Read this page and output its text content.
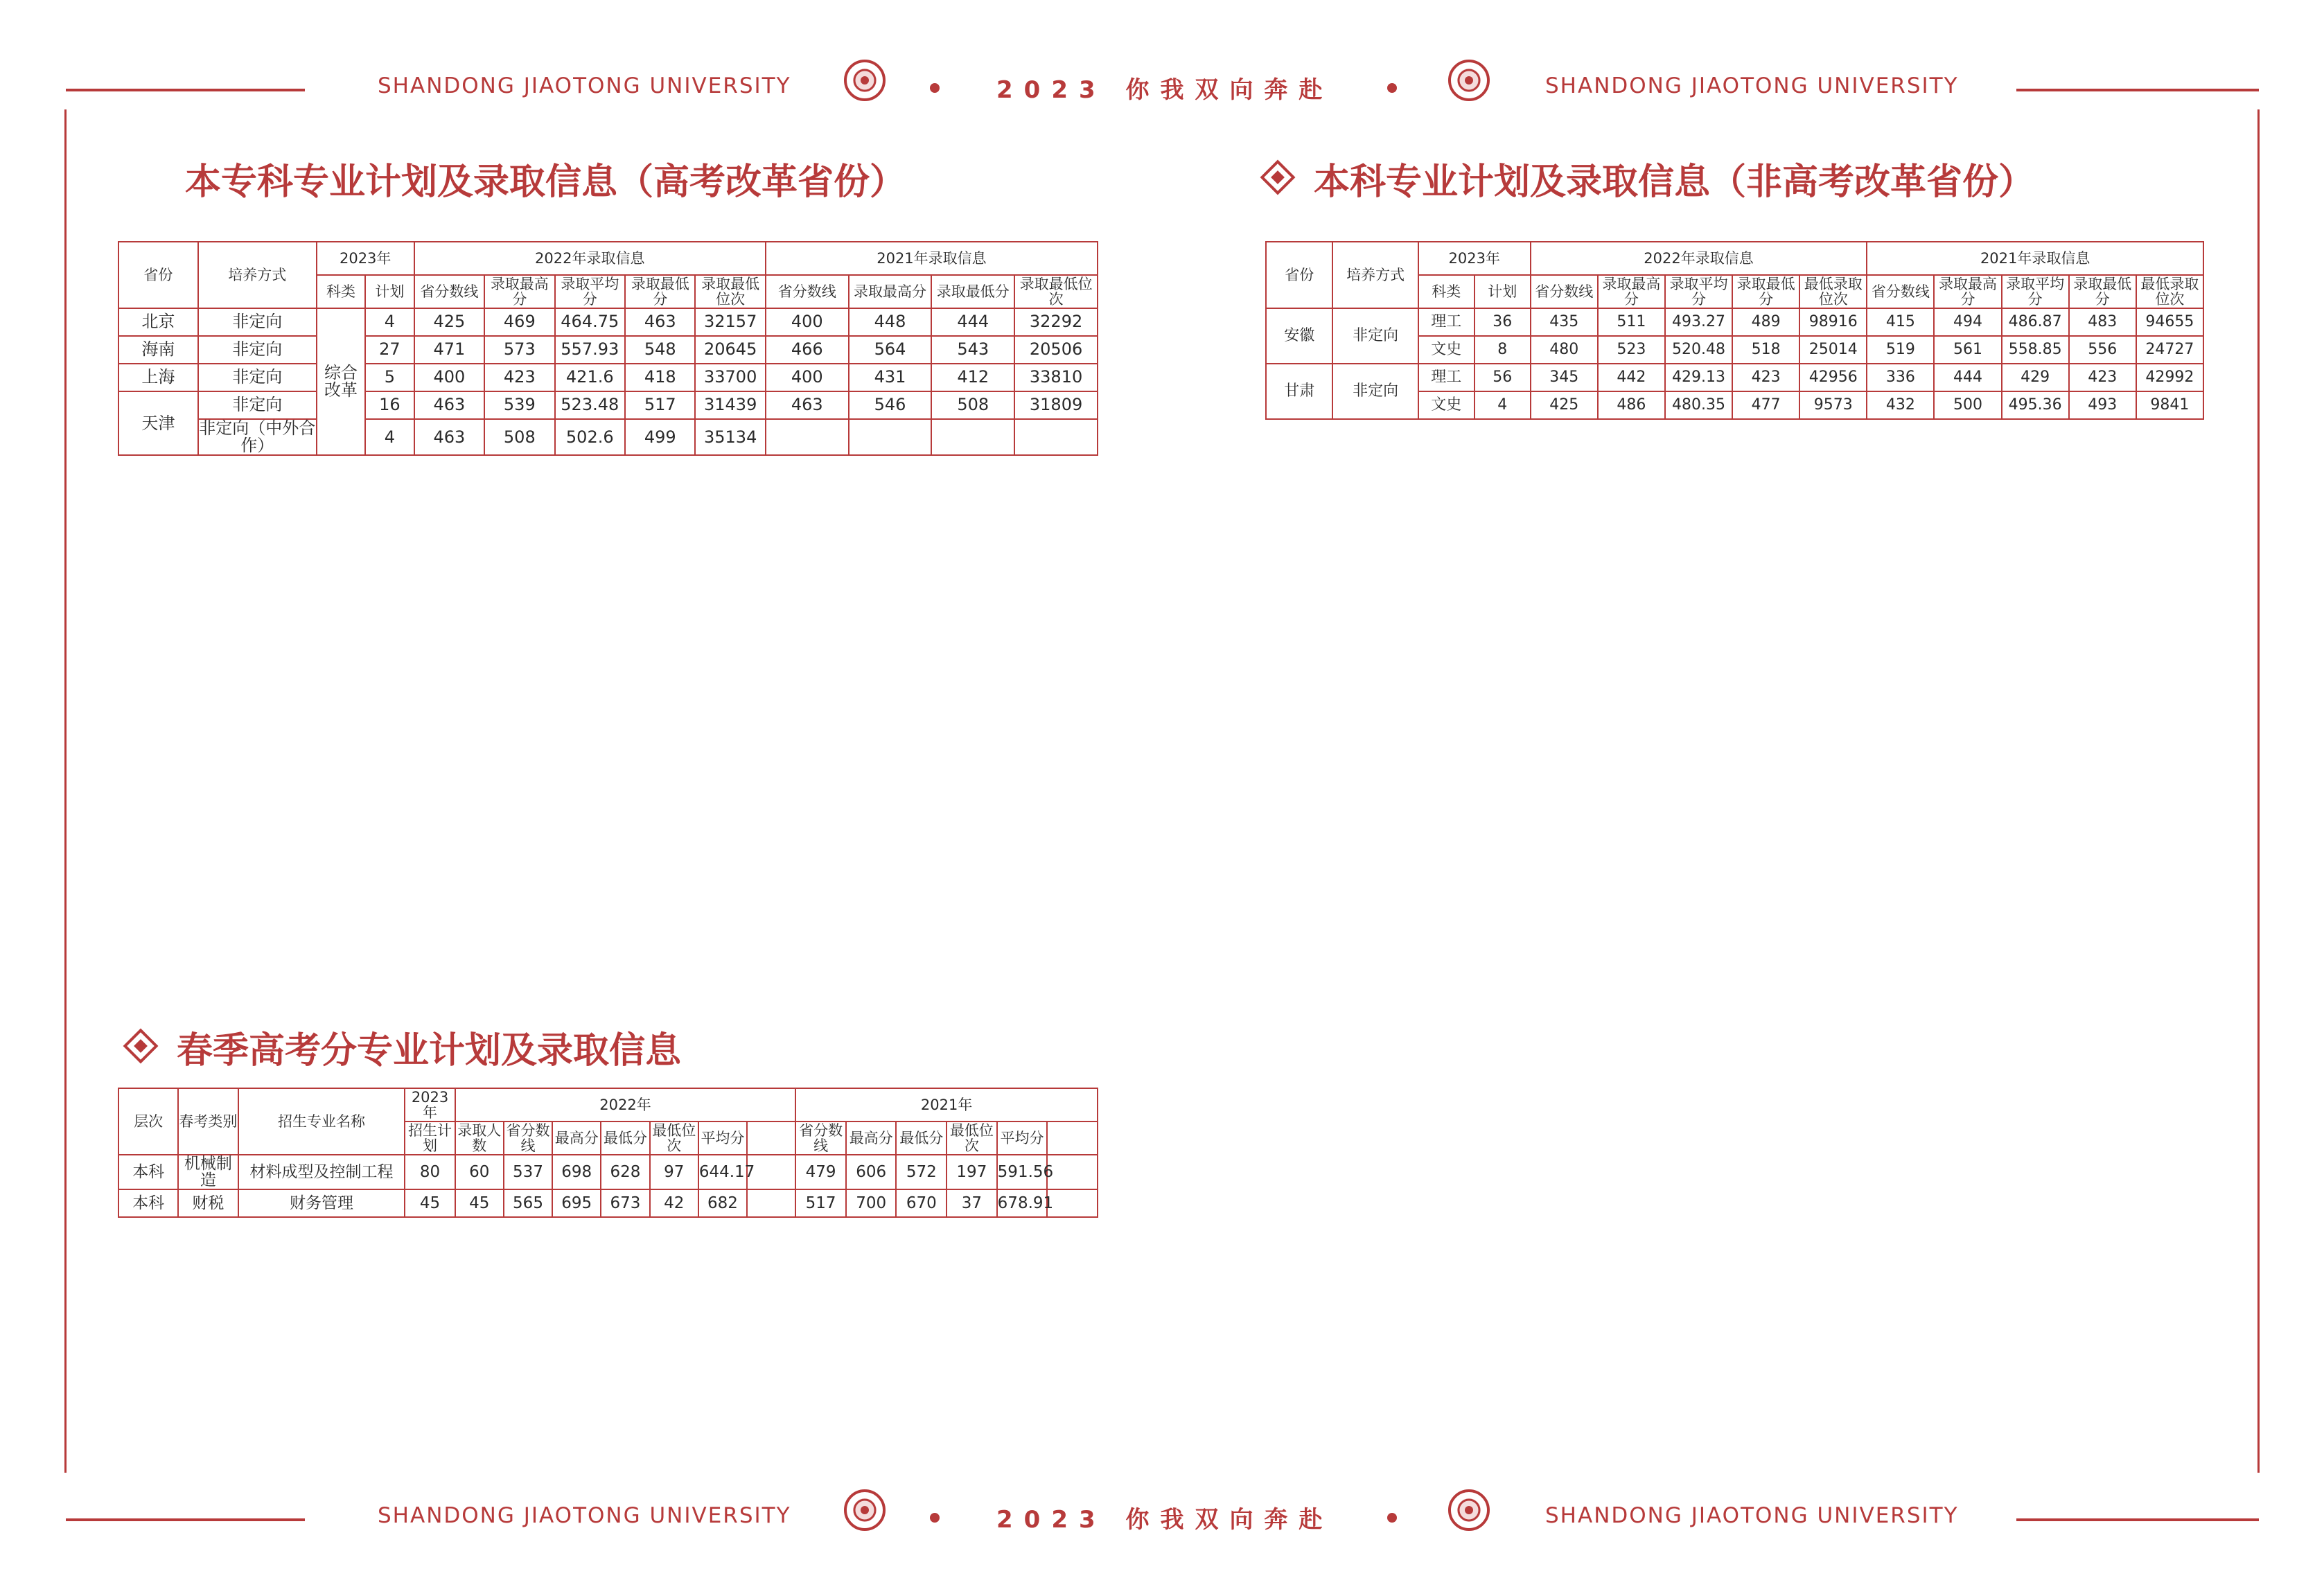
SHANDONG JIAOTONG UNIVERSITY	2023 你我双向奔赴	SHANDONG JIAOTONG UNIVERSITY
本专科专业计划及录取信息（高考改革省份）	本科专业计划及录取信息（非高考改革省份）
春季高考分专业计划及录取信息
省份	培养方式	2023年		2022年录取信息					2021年录取信息			
		科类	计划	省分数线	录取最高分	录取平均分	录取最低分	录取最低位次	省分数线	录取最高分	录取最低分	录取最低位次
北京	非定向	综合改革	4	425	469	464.75	463	32157	400	448	444	32292
海南	非定向		27	471	573	557.93	548	20645	466	564	543	20506
上海	非定向		5	400	423	421.6	418	33700	400	431	412	33810
天津	非定向		16	463	539	523.48	517	31439	463	546	508	31809
	非定向（中外合作）		4	463	508	502.6	499	35134				
省份	培养方式	2023年		2022年录取信息					2021年录取信息				
		科类	计划	省分数线	录取最高分	录取平均分	录取最低分	最低录取位次	省分数线	录取最高分	录取平均分	录取最低分	最低录取位次
安徽	非定向	理工	36	435	511	493.27	489	98916	415	494	486.87	483	94655
		文史	8	480	523	520.48	518	25014	519	561	558.85	556	24727
甘肃	非定向	理工	56	345	442	429.13	423	42956	336	444	429	423	42992
		文史	4	425	486	480.35	477	9573	432	500	495.36	493	9841
层次	春考类别	招生专业名称	2023年	2022年							2021年					
			招生计划	录取人数	省分数线	最高分	最低分	最低位次	平均分		省分数线	最高分	最低分	最低位次	平均分	
本科	机械制造	材料成型及控制工程	80	60	537	698	628	97	644.17		479	606	572	197	591.56	
本科	财税	财务管理	45	45	565	695	673	42	682		517	700	670	37	678.91	
SHANDONG JIAOTONG UNIVERSITY	2023 你我双向奔赴	SHANDONG JIAOTONG UNIVERSITY
